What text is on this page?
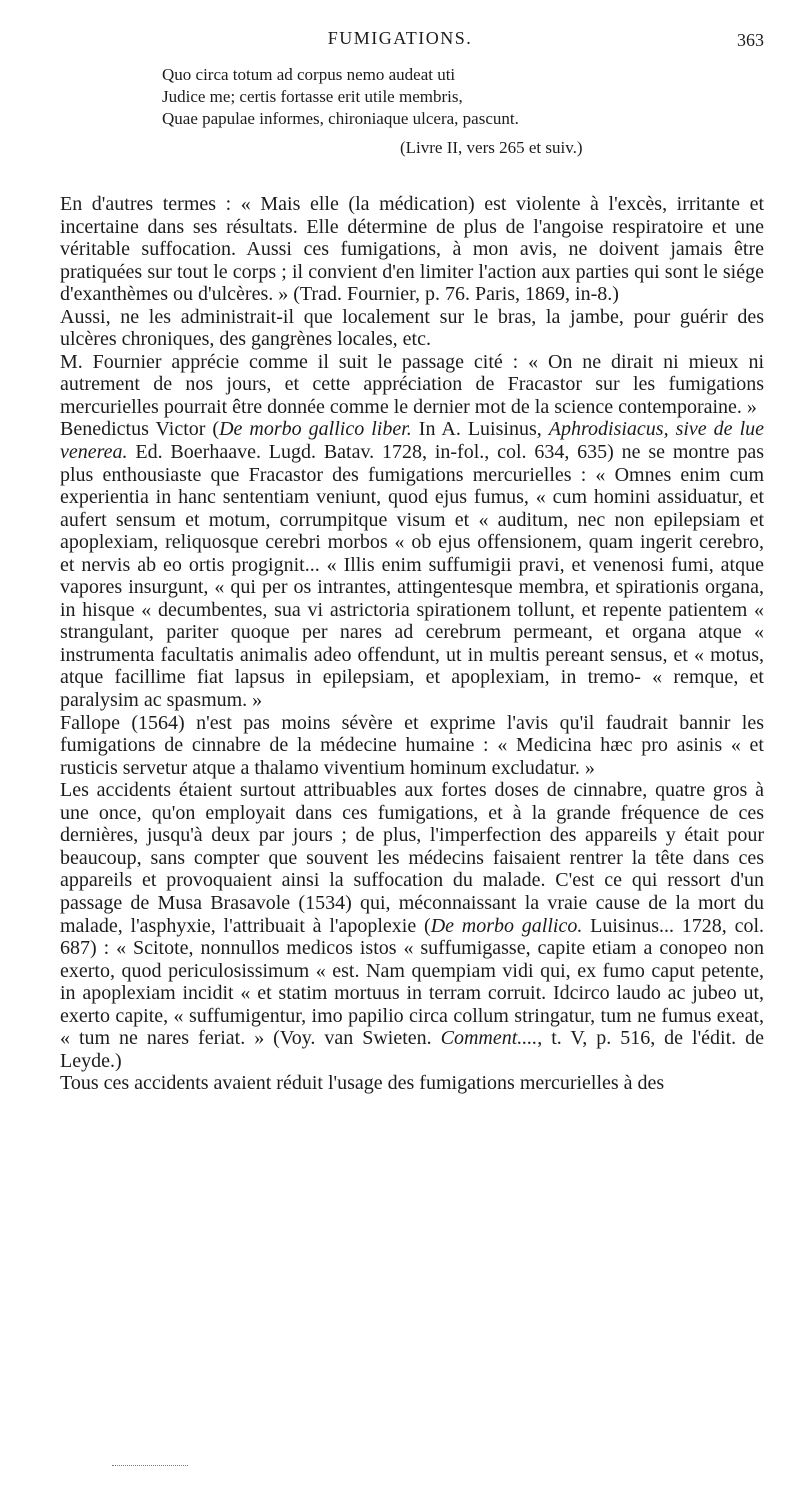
FUMIGATIONS.	363
Quo circa totum ad corpus nemo audeat uti
Judice me; certis fortasse erit utile membris,
Quae papulae informes, chironiaque ulcera, pascunt.
(Livre II, vers 265 et suiv.)

En d'autres termes : « Mais elle (la médication) est violente à l'excès, irritante et incertaine dans ses résultats. Elle détermine de plus de l'angoise respiratoire et une véritable suffocation. Aussi ces fumigations, à mon avis, ne doivent jamais être pratiquées sur tout le corps ; il convient d'en limiter l'action aux parties qui sont le siége d'exanthèmes ou d'ulcères. » (Trad. Fournier, p. 76. Paris, 1869, in-8.)

Aussi, ne les administrait-il que localement sur le bras, la jambe, pour guérir des ulcères chroniques, des gangrènes locales, etc.

M. Fournier apprécie comme il suit le passage cité : « On ne dirait ni mieux ni autrement de nos jours, et cette appréciation de Fracastor sur les fumigations mercurielles pourrait être donnée comme le dernier mot de la science contemporaine. »

Benedictus Victor (De morbo gallico liber. In A. Luisinus, Aphrodisiacus, sive de lue venerea. Ed. Boerhaave. Lugd. Batav. 1728, in-fol., col. 634, 635) ne se montre pas plus enthousiaste que Fracastor des fumigations mercurielles : « Omnes enim cum experientia in hanc sententiam veniunt, quod ejus fumus, « cum homini assiduatur, et aufert sensum et motum, corrumpitque visum et « auditum, nec non epilepsiam et apoplexiam, reliquosque cerebri morbos « ob ejus offensionem, quam ingerit cerebro, et nervis ab eo ortis progignit... « Illis enim suffumigii pravi, et venenosi fumi, atque vapores insurgunt, « qui per os intrantes, attingentesque membra, et spirationis organa, in hisque « decumbentes, sua vi astrictoria spirationem tollunt, et repente patientem « strangulant, pariter quoque per nares ad cerebrum permeant, et organa atque « instrumenta facultatis animalis adeo offendunt, ut in multis pereant sensus, et « motus, atque facillime fiat lapsus in epilepsiam, et apoplexiam, in tremo- « remque, et paralysim ac spasmum. »

Fallope (1564) n'est pas moins sévère et exprime l'avis qu'il faudrait bannir les fumigations de cinnabre de la médecine humaine : « Medicina hæc pro asinis « et rusticis servetur atque a thalamo viventium hominum excludatur. »

Les accidents étaient surtout attribuables aux fortes doses de cinnabre, quatre gros à une once, qu'on employait dans ces fumigations, et à la grande fréquence de ces dernières, jusqu'à deux par jours ; de plus, l'imperfection des appareils y était pour beaucoup, sans compter que souvent les médecins faisaient rentrer la tête dans ces appareils et provoquaient ainsi la suffocation du malade. C'est ce qui ressort d'un passage de Musa Brasavole (1534) qui, méconnaissant la vraie cause de la mort du malade, l'asphyxie, l'attribuait à l'apoplexie (De morbo gallico. Luisinus... 1728, col. 687) : « Scitote, nonnullos medicos istos « suffumigasse, capite etiam a conopeo non exerto, quod periculosissimum « est. Nam quempiam vidi qui, ex fumo caput petente, in apoplexiam incidit « et statim mortuus in terram corruit. Idcirco laudo ac jubeo ut, exerto capite, « suffumigentur, imo papilio circa collum stringatur, tum ne fumus exeat, « tum ne nares feriat. » (Voy. van Swieten. Comment...., t. V, p. 516, de l'édit. de Leyde.)

Tous ces accidents avaient réduit l'usage des fumigations mercurielles à des
